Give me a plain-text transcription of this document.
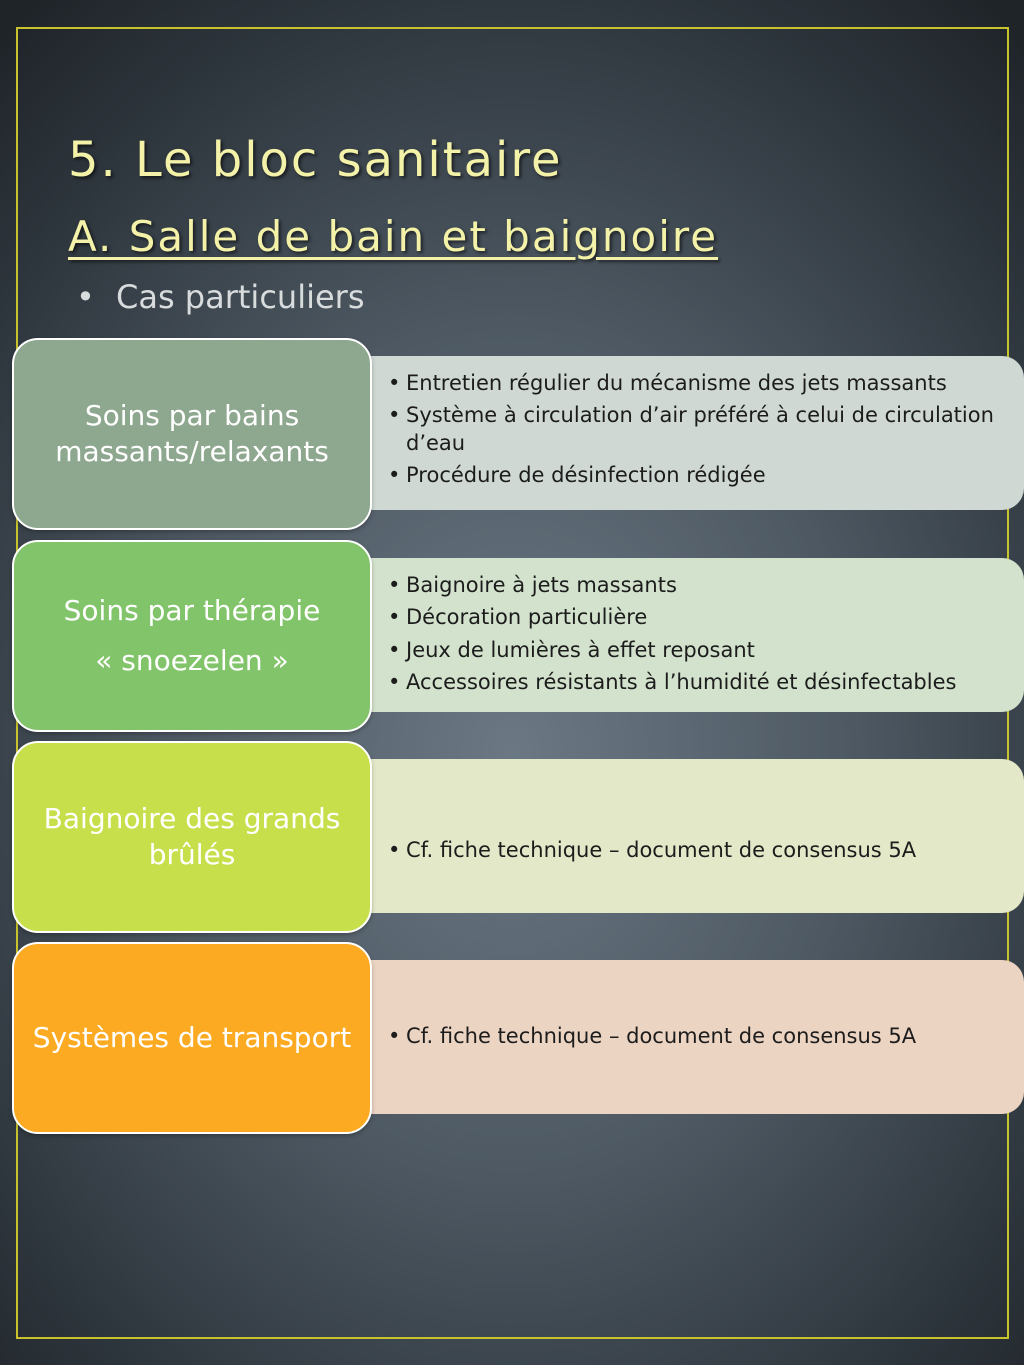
5. Le bloc sanitaire
A. Salle de bain et baignoire
• Cas particuliers
• Entretien régulier du mécanisme des jets massants
• Système à circulation d’air préféré à celui de circulation d’eau
• Procédure de désinfection rédigée
Soins par bains massants/relaxants
• Baignoire à jets massants
• Décoration particulière
• Jeux de lumières à effet reposant
• Accessoires résistants à l’humidité et désinfectables
Soins par thérapie
« snoezelen »
• Cf. fiche technique – document de consensus 5A
Baignoire des grands brûlés
• Cf. fiche technique – document de consensus 5A
Systèmes de transport
